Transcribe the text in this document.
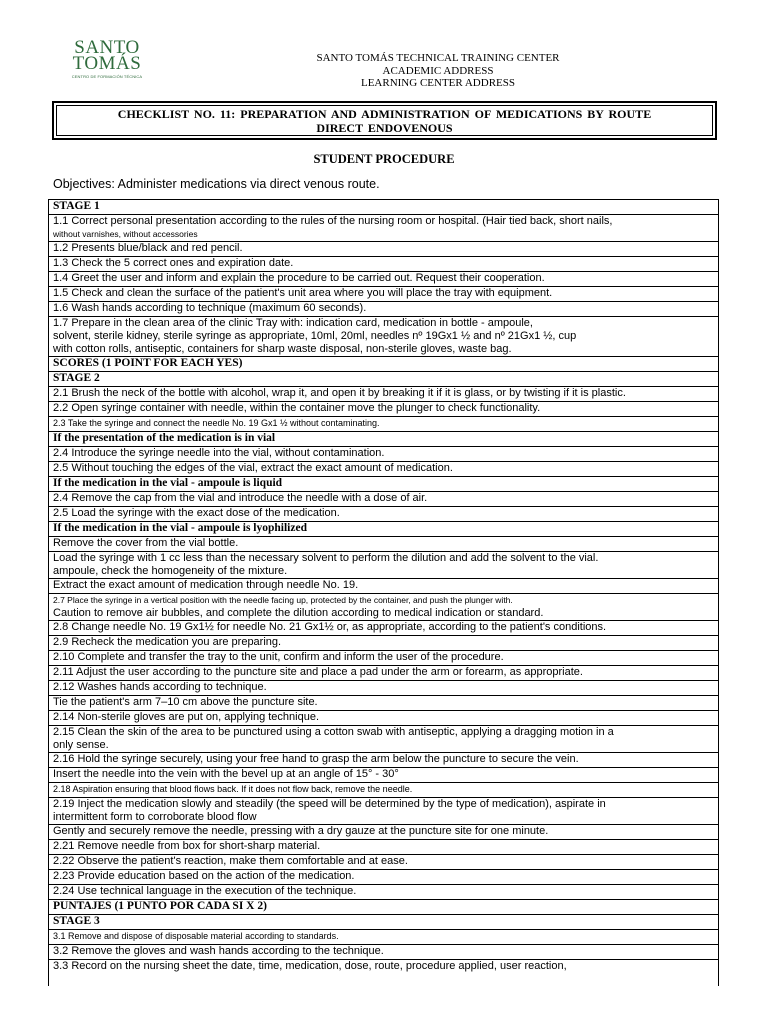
SANTO
TOMÁS
CENTRO DE FORMACIÓN TÉCNICA
SANTO TOMÁS TECHNICAL TRAINING CENTER
ACADEMIC ADDRESS
LEARNING CENTER ADDRESS
CHECKLIST NO. 11: PREPARATION AND ADMINISTRATION OF MEDICATIONS BY ROUTE
DIRECT ENDOVENOUS
STUDENT PROCEDURE
Objectives: Administer medications via direct venous route.
STAGE 1

1.1 Correct personal presentation according to the rules of the nursing room or hospital. (Hair tied back, short nails,
without varnishes, without accessories

1.2 Presents blue/black and red pencil.

1.3 Check the 5 correct ones and expiration date.

1.4 Greet the user and inform and explain the procedure to be carried out. Request their cooperation.

1.5 Check and clean the surface of the patient's unit area where you will place the tray with equipment.

1.6 Wash hands according to technique (maximum 60 seconds).

1.7 Prepare in the clean area of the clinic Tray with: indication card, medication in bottle - ampoule,
solvent, sterile kidney, sterile syringe as appropriate, 10ml, 20ml, needles nº 19Gx1 ½ and nº 21Gx1 ½, cup
with cotton rolls, antiseptic, containers for sharp waste disposal, non-sterile gloves, waste bag.

SCORES (1 POINT FOR EACH YES)

STAGE 2

2.1 Brush the neck of the bottle with alcohol, wrap it, and open it by breaking it if it is glass, or by twisting if it is plastic.

2.2 Open syringe container with needle, within the container move the plunger to check functionality.

2.3 Take the syringe and connect the needle No. 19 Gx1 ½ without contaminating.

If the presentation of the medication is in vial

2.4 Introduce the syringe needle into the vial, without contamination.

2.5 Without touching the edges of the vial, extract the exact amount of medication.

If the medication in the vial - ampoule is liquid

2.4 Remove the cap from the vial and introduce the needle with a dose of air.

2.5 Load the syringe with the exact dose of the medication.

If the medication in the vial - ampoule is lyophilized

Remove the cover from the vial bottle.

Load the syringe with 1 cc less than the necessary solvent to perform the dilution and add the solvent to the vial.
ampoule, check the homogeneity of the mixture.

Extract the exact amount of medication through needle No. 19.

2.7 Place the syringe in a vertical position with the needle facing up, protected by the container, and push the plunger with.
Caution to remove air bubbles, and complete the dilution according to medical indication or standard.

2.8 Change needle No. 19 Gx1½ for needle No. 21 Gx1½ or, as appropriate, according to the patient's conditions.

2.9 Recheck the medication you are preparing.

2.10 Complete and transfer the tray to the unit, confirm and inform the user of the procedure.

2.11 Adjust the user according to the puncture site and place a pad under the arm or forearm, as appropriate.

2.12 Washes hands according to technique.

Tie the patient's arm 7–10 cm above the puncture site.

2.14 Non-sterile gloves are put on, applying technique.

2.15 Clean the skin of the area to be punctured using a cotton swab with antiseptic, applying a dragging motion in a
only sense.

2.16 Hold the syringe securely, using your free hand to grasp the arm below the puncture to secure the vein.

Insert the needle into the vein with the bevel up at an angle of 15° - 30°

2.18 Aspiration ensuring that blood flows back. If it does not flow back, remove the needle.

2.19 Inject the medication slowly and steadily (the speed will be determined by the type of medication), aspirate in
intermittent form to corroborate blood flow

Gently and securely remove the needle, pressing with a dry gauze at the puncture site for one minute.

2.21 Remove needle from box for short-sharp material.

2.22 Observe the patient's reaction, make them comfortable and at ease.

2.23 Provide education based on the action of the medication.

2.24 Use technical language in the execution of the technique.

PUNTAJES (1 PUNTO POR CADA SI X 2)

STAGE 3

3.1 Remove and dispose of disposable material according to standards.

3.2 Remove the gloves and wash hands according to the technique.

3.3 Record on the nursing sheet the date, time, medication, dose, route, procedure applied, user reaction,
